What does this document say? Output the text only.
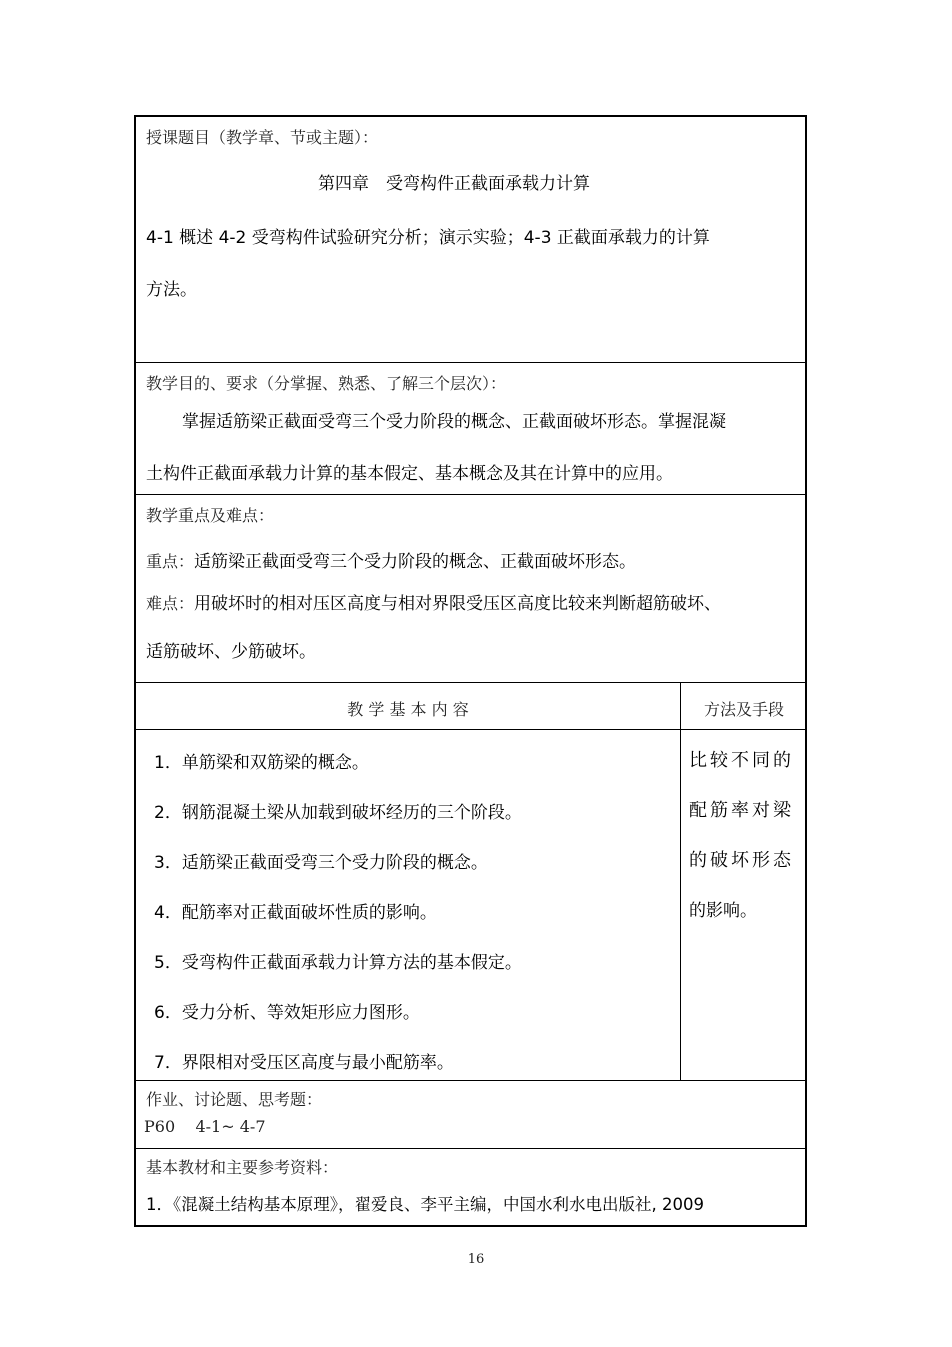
授课题目（教学章、节或主题）：
第四章　受弯构件正截面承载力计算
4-1 概述 4-2 受弯构件试验研究分析；演示实验；4-3 正截面承载力的计算
方法。
教学目的、要求（分掌握、熟悉、了解三个层次）：
掌握适筋梁正截面受弯三个受力阶段的概念、正截面破坏形态。掌握混凝
土构件正截面承载力计算的基本假定、基本概念及其在计算中的应用。
教学重点及难点：
重点：适筋梁正截面受弯三个受力阶段的概念、正截面破坏形态。
难点：用破坏时的相对压区高度与相对界限受压区高度比较来判断超筋破坏、
适筋破坏、少筋破坏。
教 学 基 本 内 容	方法及手段
1．单筋梁和双筋梁的概念。
2．钢筋混凝土梁从加载到破坏经历的三个阶段。
3．适筋梁正截面受弯三个受力阶段的概念。
4．配筋率对正截面破坏性质的影响。
5．受弯构件正截面承载力计算方法的基本假定。
6．受力分析、等效矩形应力图形。
7．界限相对受压区高度与最小配筋率。
比较不同的
配筋率对梁
的破坏形态
的影响。
作业、讨论题、思考题：
P60    4-1~ 4-7
基本教材和主要参考资料：
1．《混凝土结构基本原理》，翟爱良、李平主编，中国水利水电出版社, 2009
16
